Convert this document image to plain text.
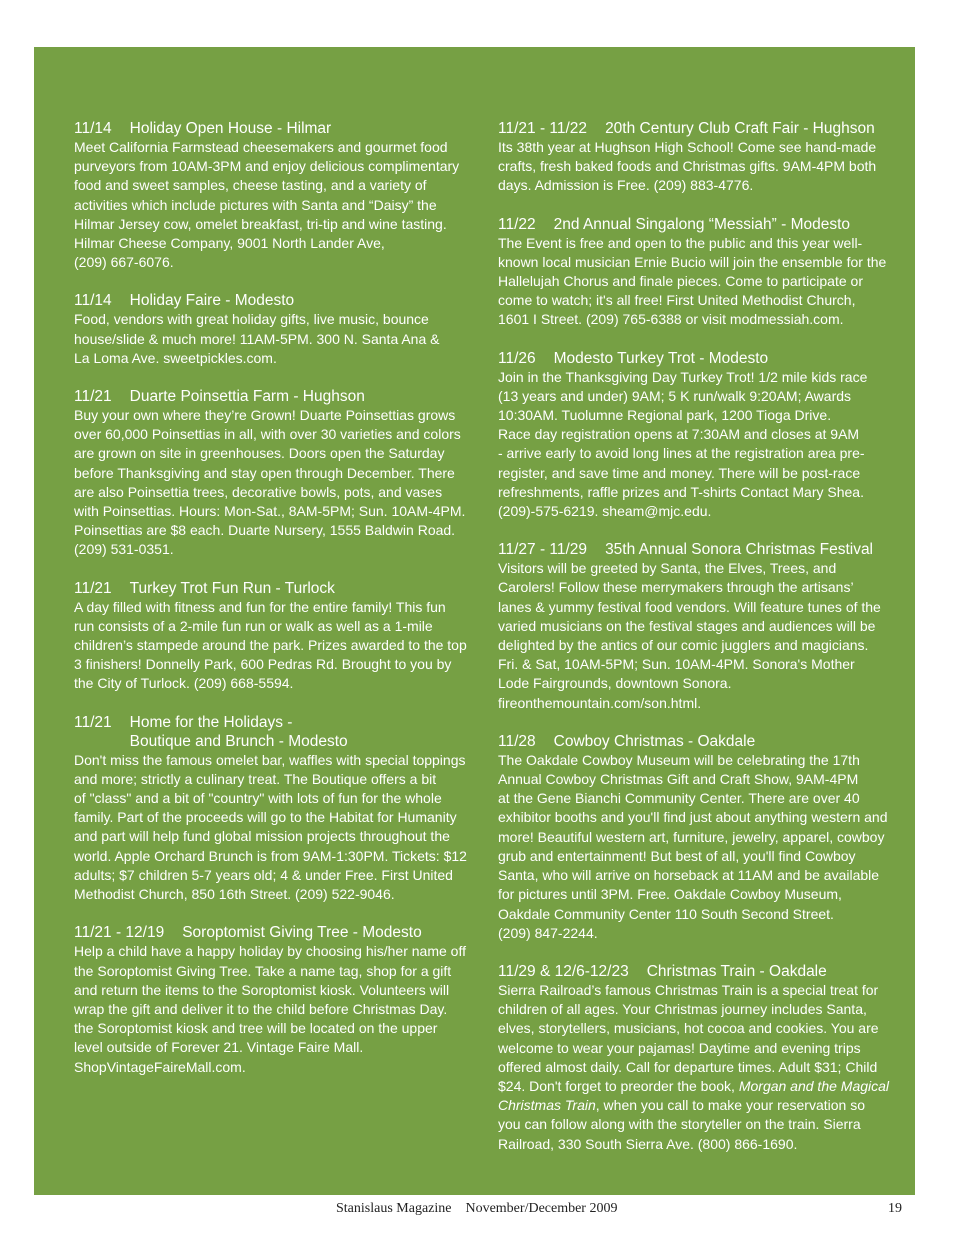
11/14 Holiday Open House - Hilmar

Meet California Farmstead cheesemakers and gourmet food
purveyors from 10AM-3PM and enjoy delicious complimentary
food and sweet samples, cheese tasting, and a variety of
activities which include pictures with Santa and “Daisy” the
Hilmar Jersey cow, omelet breakfast, tri-tip and wine tasting.
Hilmar Cheese Company, 9001 North Lander Ave,
(209) 667-6076.

11/14 Holiday Faire - Modesto

Food, vendors with great holiday gifts, live music, bounce
house/slide & much more! 11AM-5PM. 300 N. Santa Ana &
La Loma Ave. sweetpickles.com.

11/21 Duarte Poinsettia Farm - Hughson

Buy your own where they’re Grown! Duarte Poinsettias grows
over 60,000 Poinsettias in all, with over 30 varieties and colors
are grown on site in greenhouses. Doors open the Saturday
before Thanksgiving and stay open through December. There
are also Poinsettia trees, decorative bowls, pots, and vases
with Poinsettias. Hours: Mon-Sat., 8AM-5PM; Sun. 10AM-4PM.
Poinsettias are $8 each. Duarte Nursery, 1555 Baldwin Road.
(209) 531-0351.

11/21 Turkey Trot Fun Run - Turlock

A day filled with fitness and fun for the entire family! This fun
run consists of a 2-mile fun run or walk as well as a 1-mile
children’s stampede around the park. Prizes awarded to the top
3 finishers! Donnelly Park, 600 Pedras Rd. Brought to you by
the City of Turlock. (209) 668-5594.

11/21 Home for the Holidays -
Boutique and Brunch - Modesto

Don't miss the famous omelet bar, waffles with special toppings
and more; strictly a culinary treat. The Boutique offers a bit
of "class" and a bit of "country" with lots of fun for the whole
family. Part of the proceeds will go to the Habitat for Humanity
and part will help fund global mission projects throughout the
world. Apple Orchard Brunch is from 9AM-1:30PM. Tickets: $12
adults; $7 children 5-7 years old; 4 & under Free. First United
Methodist Church, 850 16th Street. (209) 522-9046.

11/21 - 12/19 Soroptomist Giving Tree - Modesto

Help a child have a happy holiday by choosing his/her name off
the Soroptomist Giving Tree. Take a name tag, shop for a gift
and return the items to the Soroptomist kiosk. Volunteers will
wrap the gift and deliver it to the child before Christmas Day.
the Soroptomist kiosk and tree will be located on the upper
level outside of Forever 21. Vintage Faire Mall.
ShopVintageFaireMall.com.

11/21 - 11/22 20th Century Club Craft Fair - Hughson

Its 38th year at Hughson High School! Come see hand-made
crafts, fresh baked foods and Christmas gifts. 9AM-4PM both
days. Admission is Free. (209) 883-4776.

11/22 2nd Annual Singalong “Messiah” - Modesto

The Event is free and open to the public and this year well-
known local musician Ernie Bucio will join the ensemble for the
Hallelujah Chorus and finale pieces. Come to participate or
come to watch; it's all free! First United Methodist Church,
1601 I Street. (209) 765-6388 or visit modmessiah.com.

11/26 Modesto Turkey Trot - Modesto

Join in the Thanksgiving Day Turkey Trot! 1/2 mile kids race
(13 years and under) 9AM; 5 K run/walk 9:20AM; Awards
10:30AM. Tuolumne Regional park, 1200 Tioga Drive.
Race day registration opens at 7:30AM and closes at 9AM
- arrive early to avoid long lines at the registration area pre-
register, and save time and money. There will be post-race
refreshments, raffle prizes and T-shirts Contact Mary Shea.
(209)-575-6219. sheam@mjc.edu.

11/27 - 11/29 35th Annual Sonora Christmas Festival

Visitors will be greeted by Santa, the Elves, Trees, and
Carolers! Follow these merrymakers through the artisans’
lanes & yummy festival food vendors. Will feature tunes of the
varied musicians on the festival stages and audiences will be
delighted by the antics of our comic jugglers and magicians.
Fri. & Sat, 10AM-5PM; Sun. 10AM-4PM. Sonora's Mother
Lode Fairgrounds, downtown Sonora.
fireonthemountain.com/son.html.

11/28 Cowboy Christmas - Oakdale

The Oakdale Cowboy Museum will be celebrating the 17th
Annual Cowboy Christmas Gift and Craft Show, 9AM-4PM
at the Gene Bianchi Community Center. There are over 40
exhibitor booths and you'll find just about anything western and
more! Beautiful western art, furniture, jewelry, apparel, cowboy
grub and entertainment! But best of all, you'll find Cowboy
Santa, who will arrive on horseback at 11AM and be available
for pictures until 3PM. Free. Oakdale Cowboy Museum,
Oakdale Community Center 110 South Second Street.
(209) 847-2244.

11/29 & 12/6-12/23 Christmas Train - Oakdale

Sierra Railroad’s famous Christmas Train is a special treat for
children of all ages. Your Christmas journey includes Santa,
elves, storytellers, musicians, hot cocoa and cookies. You are
welcome to wear your pajamas! Daytime and evening trips
offered almost daily. Call for departure times. Adult $31; Child
$24. Don't forget to preorder the book, Morgan and the Magical
Christmas Train, when you call to make your reservation so
you can follow along with the storyteller on the train. Sierra
Railroad, 330 South Sierra Ave. (800) 866-1690.

Stanislaus Magazine    November/December 2009	19
